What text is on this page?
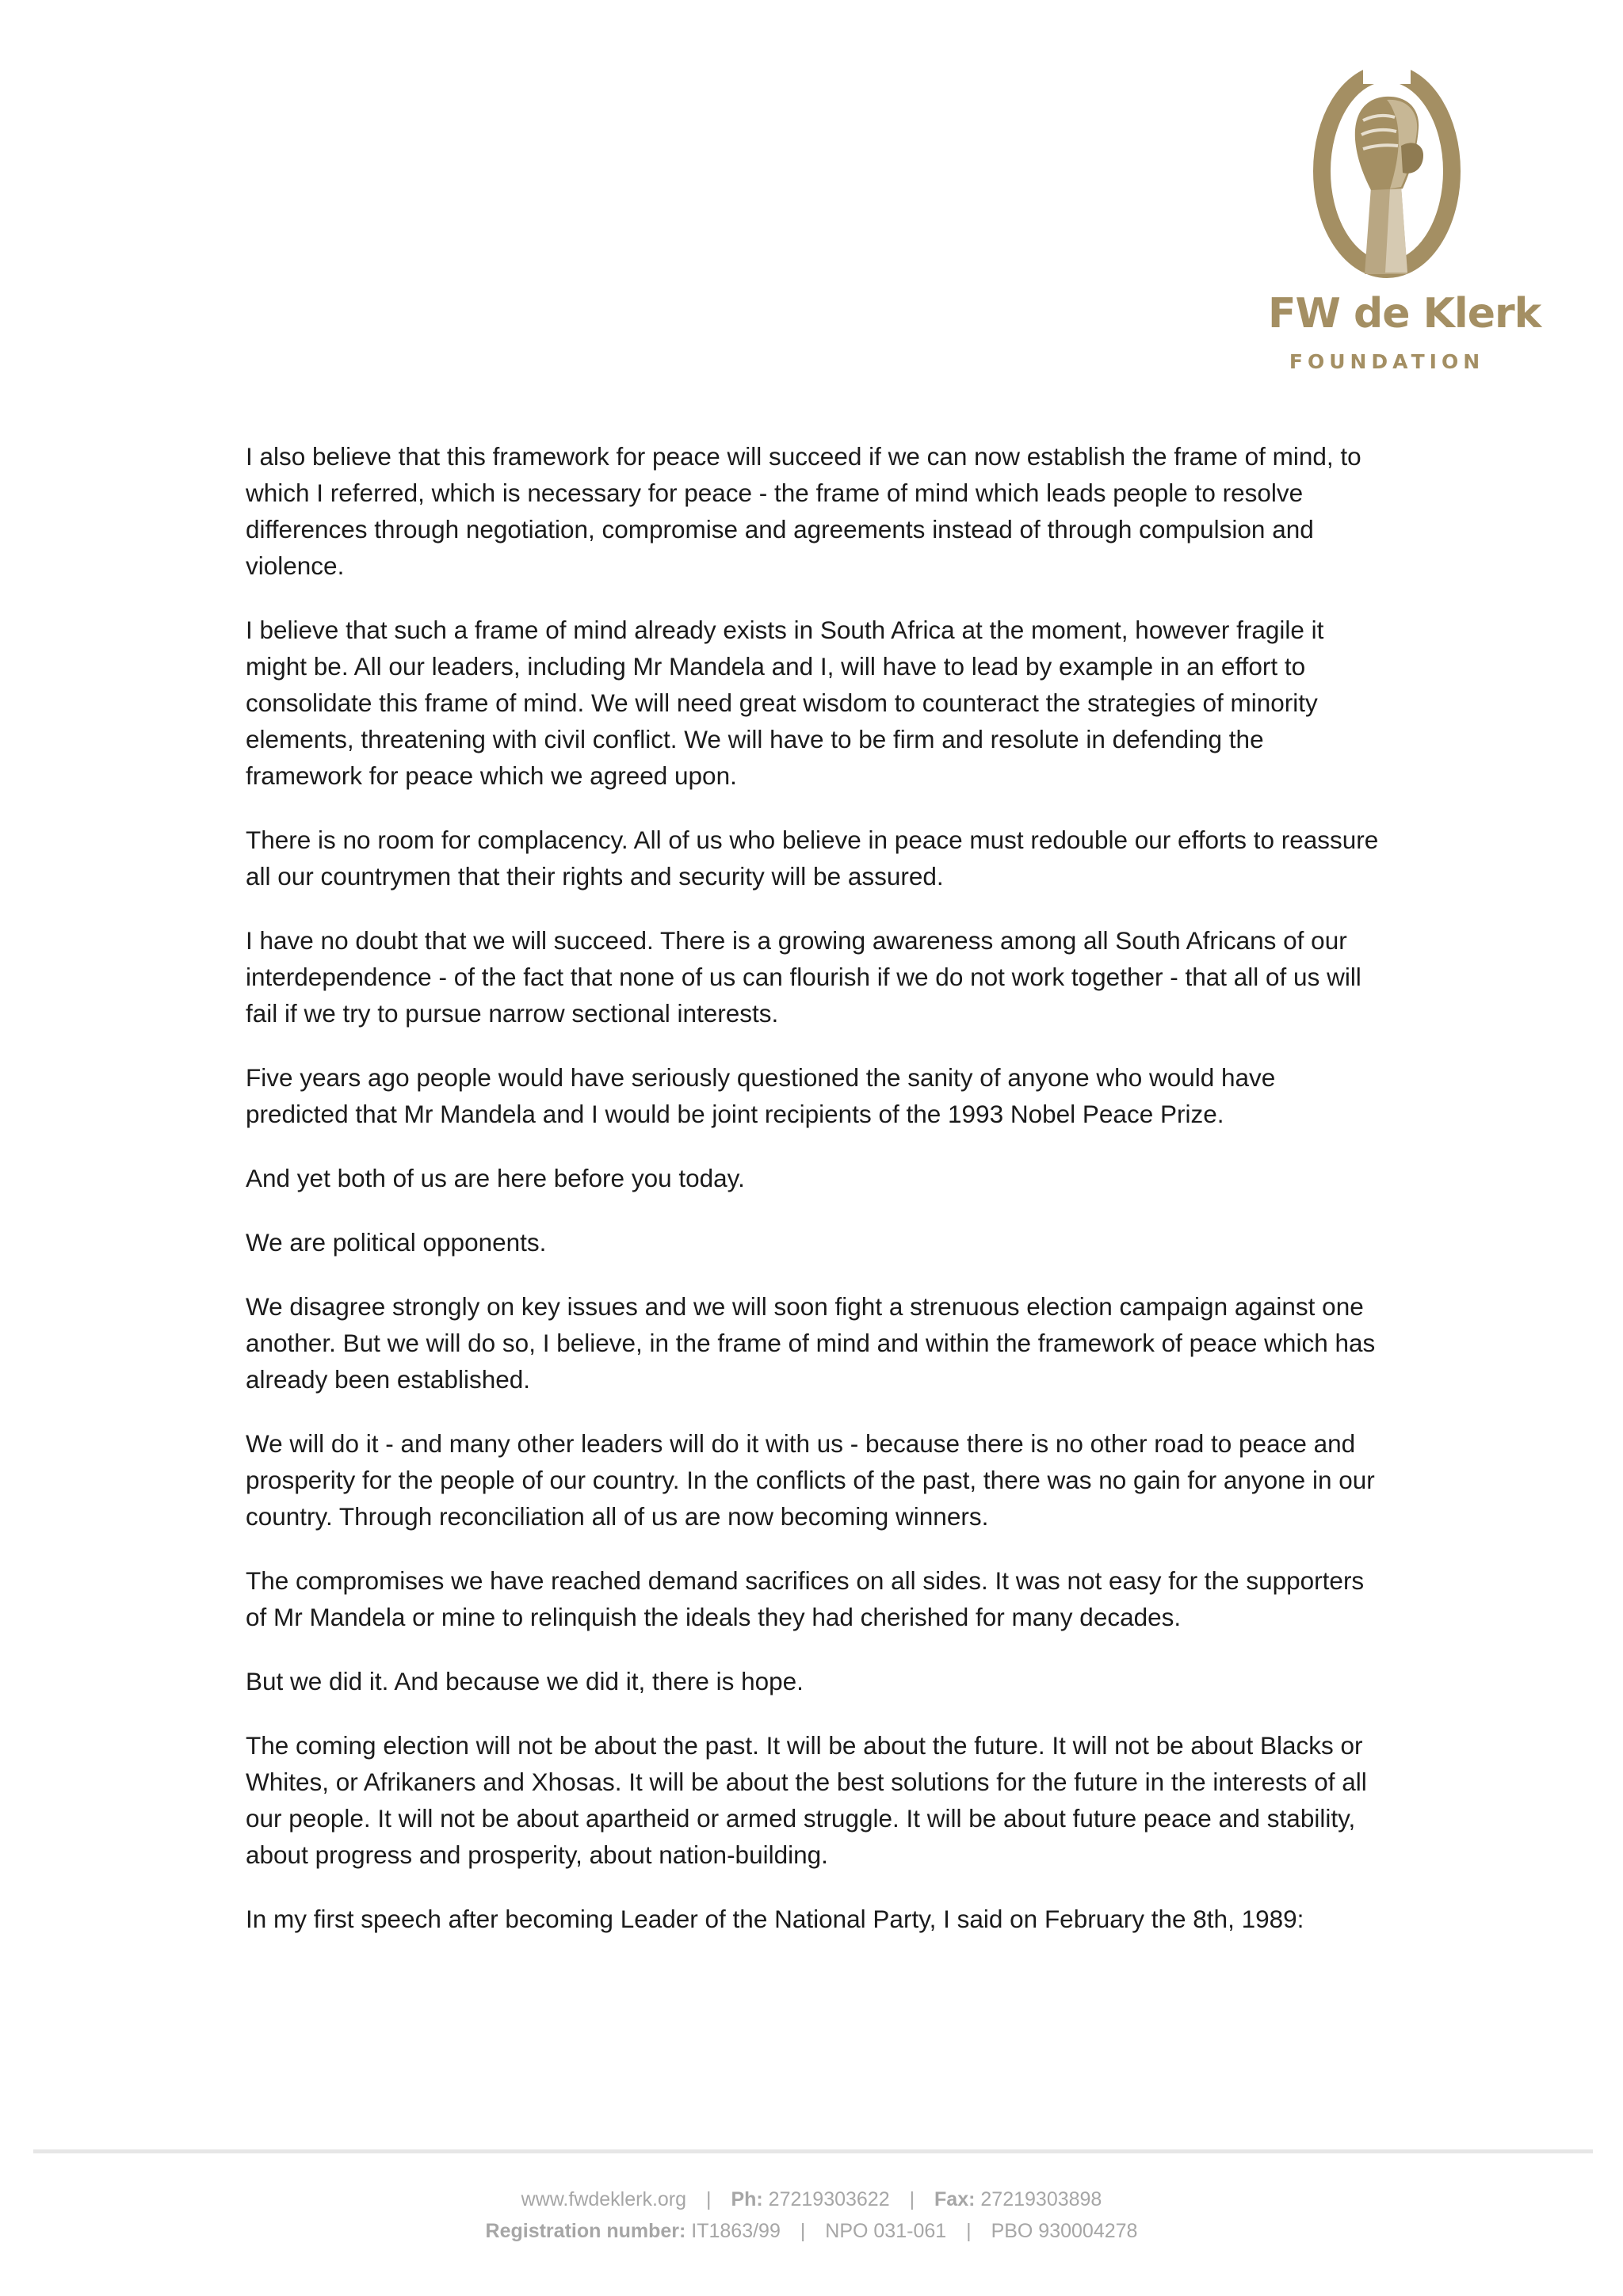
FW de Klerk
FOUNDATION

I also believe that this framework for peace will succeed if we can now establish the frame of mind, to which I referred, which is necessary for peace - the frame of mind which leads people to resolve differences through negotiation, compromise and agreements instead of through compulsion and violence.

I believe that such a frame of mind already exists in South Africa at the moment, however fragile it might be. All our leaders, including Mr Mandela and I, will have to lead by example in an effort to consolidate this frame of mind. We will need great wisdom to counteract the strategies of minority elements, threatening with civil conflict. We will have to be firm and resolute in defending the framework for peace which we agreed upon.

There is no room for complacency. All of us who believe in peace must redouble our efforts to reassure all our countrymen that their rights and security will be assured.

I have no doubt that we will succeed. There is a growing awareness among all South Africans of our interdependence - of the fact that none of us can flourish if we do not work together - that all of us will fail if we try to pursue narrow sectional interests.

Five years ago people would have seriously questioned the sanity of anyone who would have predicted that Mr Mandela and I would be joint recipients of the 1993 Nobel Peace Prize.

And yet both of us are here before you today.

We are political opponents.

We disagree strongly on key issues and we will soon fight a strenuous election campaign against one another. But we will do so, I believe, in the frame of mind and within the framework of peace which has already been established.

We will do it - and many other leaders will do it with us - because there is no other road to peace and prosperity for the people of our country. In the conflicts of the past, there was no gain for anyone in our country. Through reconciliation all of us are now becoming winners.

The compromises we have reached demand sacrifices on all sides. It was not easy for the supporters of Mr Mandela or mine to relinquish the ideals they had cherished for many decades.

But we did it. And because we did it, there is hope.

The coming election will not be about the past. It will be about the future. It will not be about Blacks or Whites, or Afrikaners and Xhosas. It will be about the best solutions for the future in the interests of all our people. It will not be about apartheid or armed struggle. It will be about future peace and stability, about progress and prosperity, about nation-building.

In my first speech after becoming Leader of the National Party, I said on February the 8th, 1989:

www.fwdeklerk.org | Ph: 27219303622 | Fax: 27219303898
Registration number: IT1863/99 | NPO 031-061 | PBO 930004278
